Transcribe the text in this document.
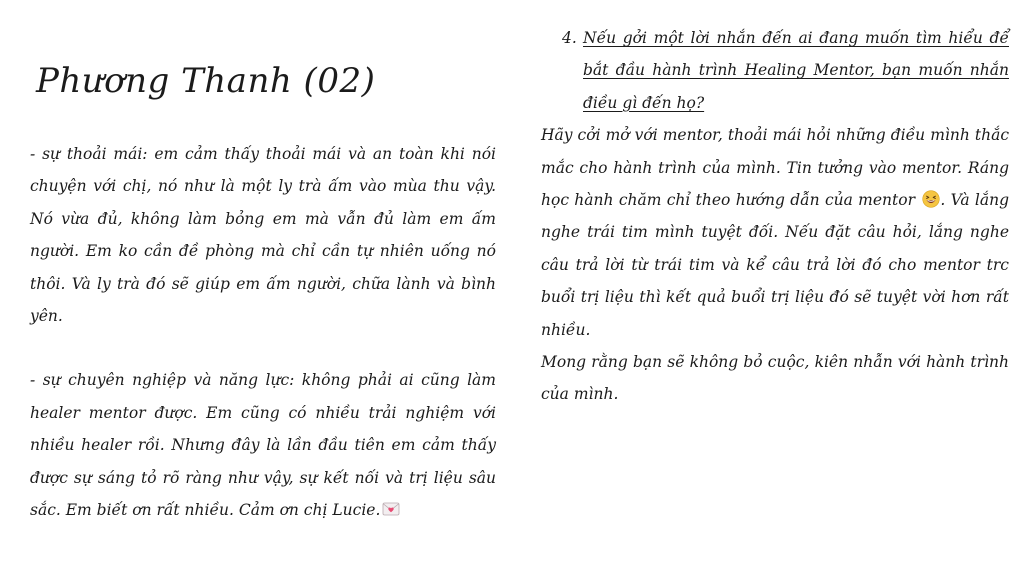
Phương Thanh (02)

- sự thoải mái: em cảm thấy thoải mái và an toàn khi nói chuyện với chị, nó như là một ly trà ấm vào mùa thu vậy. Nó vừa đủ, không làm bỏng em mà vẫn đủ làm em ấm người. Em ko cần đề phòng mà chỉ cần tự nhiên uống nó thôi. Và ly trà đó sẽ giúp em ấm người, chữa lành và bình yên.

- sự chuyên nghiệp và năng lực: không phải ai cũng làm healer mentor được. Em cũng có nhiều trải nghiệm với nhiều healer rồi. Nhưng đây là lần đầu tiên em cảm thấy được sự sáng tỏ rõ ràng như vậy, sự kết nối và trị liệu sâu sắc. Em biết ơn rất nhiều. Cảm ơn chị Lucie.

4. Nếu gởi một lời nhắn đến ai đang muốn tìm hiểu để bắt đầu hành trình Healing Mentor, bạn muốn nhắn điều gì đến họ?

Hãy cởi mở với mentor, thoải mái hỏi những điều mình thắc mắc cho hành trình của mình. Tin tưởng vào mentor. Ráng học hành chăm chỉ theo hướng dẫn của mentor . Và lắng nghe trái tim mình tuyệt đối. Nếu đặt câu hỏi, lắng nghe câu trả lời từ trái tim và kể câu trả lời đó cho mentor trc buổi trị liệu thì kết quả buổi trị liệu đó sẽ tuyệt vời hơn rất nhiều.

Mong rằng bạn sẽ không bỏ cuộc, kiên nhẫn với hành trình của mình.
